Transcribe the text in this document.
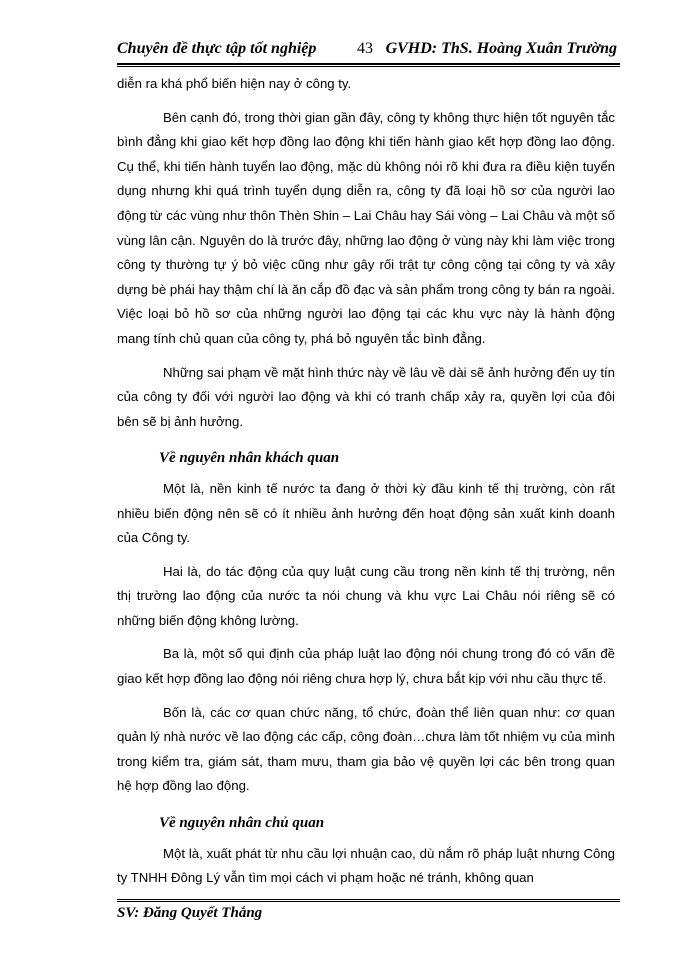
Chuyên đề thực tập tốt nghiệp	43 GVHD: ThS. Hoàng Xuân Trường

diễn ra khá phổ biến hiện nay ở công ty.

Bên cạnh đó, trong thời gian gần đây, công ty không thực hiện tốt nguyên tắc bình đẳng khi giao kết hợp đồng lao động khi tiến hành giao kết hợp đồng lao động. Cụ thể, khi tiến hành tuyển lao động, mặc dù không nói rõ khi đưa ra điều kiện tuyển dụng nhưng khi quá trình tuyển dụng diễn ra, công ty đã loại hồ sơ của người lao động từ các vùng như thôn Thèn Shin – Lai Châu hay Sái vòng – Lai Châu và một số vùng lân cận. Nguyên do là trước đây, những lao động ở vùng này khi làm việc trong công ty thường tự ý bỏ việc cũng như gây rối trật tự công cộng tại công ty và xây dựng bè phái hay thậm chí là ăn cắp đồ đạc và sản phẩm trong công ty bán ra ngoài. Việc loại bỏ hồ sơ của những người lao động tại các khu vực này là hành động mang tính chủ quan của công ty, phá bỏ nguyên tắc bình đẳng.

Những sai phạm về mặt hình thức này về lâu về dài sẽ ảnh hưởng đến uy tín của công ty đối với người lao động và khi có tranh chấp xảy ra, quyền lợi của đôi bên sẽ bị ảnh hưởng.

Về nguyên nhân khách quan

Một là, nền kinh tế nước ta đang ở thời kỳ đầu kinh tế thị trường, còn rất nhiều biến động nên sẽ có ít nhiều ảnh hưởng đến hoạt động sản xuất kinh doanh của Công ty.

Hai là, do tác động của quy luật cung cầu trong nền kinh tế thị trường, nên thị trường lao động của nước ta nói chung và khu vực Lai Châu nói riêng sẽ có những biến động không lường.

Ba là, một số qui định của pháp luật lao động nói chung trong đó có vấn đề giao kết hợp đồng lao động nói riêng chưa hợp lý, chưa bắt kịp với nhu cầu thực tế.

Bốn là, các cơ quan chức năng, tổ chức, đoàn thể liên quan như: cơ quan quản lý nhà nước về lao động các cấp, công đoàn…chưa làm tốt nhiệm vụ của mình trong kiểm tra, giám sát, tham mưu, tham gia bảo vệ quyền lợi các bên trong quan hệ hợp đồng lao động.

Về nguyên nhân chủ quan

Một là, xuất phát từ nhu cầu lợi nhuận cao, dù nắm rõ pháp luật nhưng Công ty TNHH Đông Lý vẫn tìm mọi cách vi phạm hoặc né tránh, không quan

SV: Đăng Quyết Thắng
